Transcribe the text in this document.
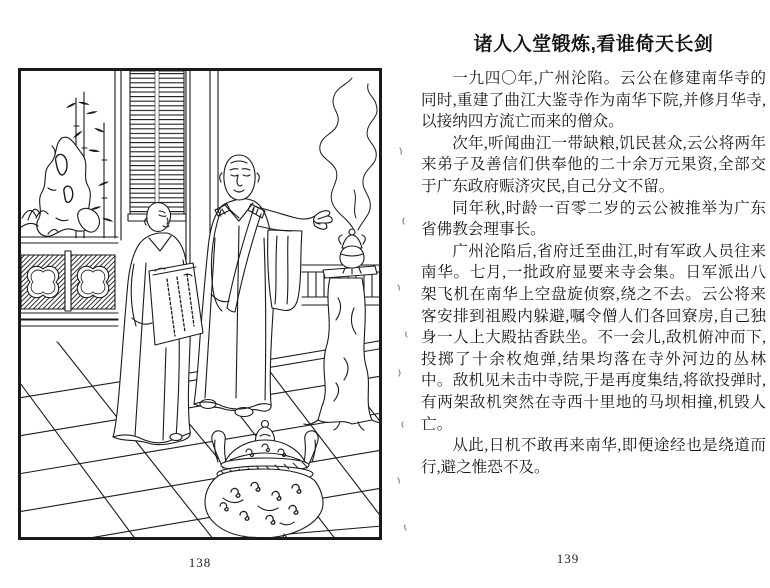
138	139
诸人入堂锻炼,看谁倚天长剑

一九四〇年,广州沦陷。云公在修建南华寺的同时,重建了曲江大鉴寺作为南华下院,并修月华寺,以接纳四方流亡而来的僧众。

次年,听闻曲江一带缺粮,饥民甚众,云公将两年来弟子及善信们供奉他的二十余万元果资,全部交于广东政府赈济灾民,自己分文不留。

同年秋,时龄一百零二岁的云公被推举为广东省佛教会理事长。

广州沦陷后,省府迁至曲江,时有军政人员往来南华。七月,一批政府显要来寺会集。日军派出八架飞机在南华上空盘旋侦察,绕之不去。云公将来客安排到祖殿内躲避,嘱令僧人们各回寮房,自己独身一人上大殿拈香趺坐。不一会儿,敌机俯冲而下,投掷了十余枚炮弹,结果均落在寺外河边的丛林中。敌机见未击中寺院,于是再度集结,将欲投弹时,有两架敌机突然在寺西十里地的马坝相撞,机毁人亡。

从此,日机不敢再来南华,即便途经也是绕道而行,避之惟恐不及。
